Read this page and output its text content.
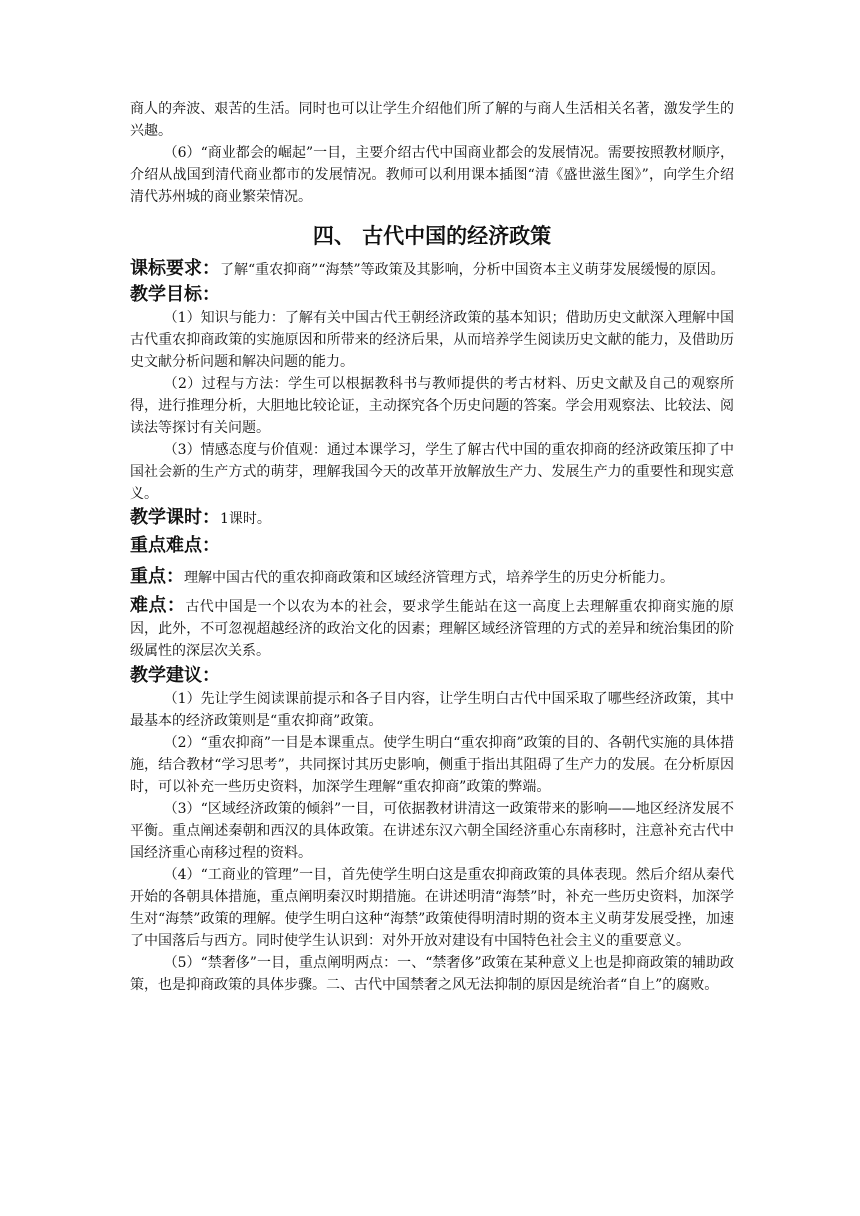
商人的奔波、艰苦的生活。同时也可以让学生介绍他们所了解的与商人生活相关名著，激发学生的兴趣。

（6）“商业都会的崛起”一目，主要介绍古代中国商业都会的发展情况。需要按照教材顺序，介绍从战国到清代商业都市的发展情况。教师可以利用课本插图“清《盛世滋生图》”，向学生介绍清代苏州城的商业繁荣情况。

四、 古代中国的经济政策

课标要求：了解“重农抑商”“海禁”等政策及其影响，分析中国资本主义萌芽发展缓慢的原因。

教学目标：

（1）知识与能力：了解有关中国古代王朝经济政策的基本知识；借助历史文献深入理解中国古代重农抑商政策的实施原因和所带来的经济后果，从而培养学生阅读历史文献的能力，及借助历史文献分析问题和解决问题的能力。

（2）过程与方法：学生可以根据教科书与教师提供的考古材料、历史文献及自己的观察所得，进行推理分析，大胆地比较论证，主动探究各个历史问题的答案。学会用观察法、比较法、阅读法等探讨有关问题。

（3）情感态度与价值观：通过本课学习，学生了解古代中国的重农抑商的经济政策压抑了中国社会新的生产方式的萌芽，理解我国今天的改革开放解放生产力、发展生产力的重要性和现实意义。

教学课时：1课时。

重点难点：

重点：理解中国古代的重农抑商政策和区域经济管理方式，培养学生的历史分析能力。

难点：古代中国是一个以农为本的社会，要求学生能站在这一高度上去理解重农抑商实施的原因，此外，不可忽视超越经济的政治文化的因素；理解区域经济管理的方式的差异和统治集团的阶级属性的深层次关系。

教学建议：

（1）先让学生阅读课前提示和各子目内容，让学生明白古代中国采取了哪些经济政策，其中最基本的经济政策则是“重农抑商”政策。

（2）“重农抑商”一目是本课重点。使学生明白“重农抑商”政策的目的、各朝代实施的具体措施，结合教材“学习思考”，共同探讨其历史影响，侧重于指出其阻碍了生产力的发展。在分析原因时，可以补充一些历史资料，加深学生理解“重农抑商”政策的弊端。

（3）“区域经济政策的倾斜”一目，可依据教材讲清这一政策带来的影响——地区经济发展不平衡。重点阐述秦朝和西汉的具体政策。在讲述东汉六朝全国经济重心东南移时，注意补充古代中国经济重心南移过程的资料。

（4）“工商业的管理”一目，首先使学生明白这是重农抑商政策的具体表现。然后介绍从秦代开始的各朝具体措施，重点阐明秦汉时期措施。在讲述明清“海禁”时，补充一些历史资料，加深学生对“海禁”政策的理解。使学生明白这种“海禁”政策使得明清时期的资本主义萌芽发展受挫，加速了中国落后与西方。同时使学生认识到：对外开放对建设有中国特色社会主义的重要意义。

（5）“禁奢侈”一目，重点阐明两点：一、“禁奢侈”政策在某种意义上也是抑商政策的辅助政策，也是抑商政策的具体步骤。二、古代中国禁奢之风无法抑制的原因是统治者“自上”的腐败。
